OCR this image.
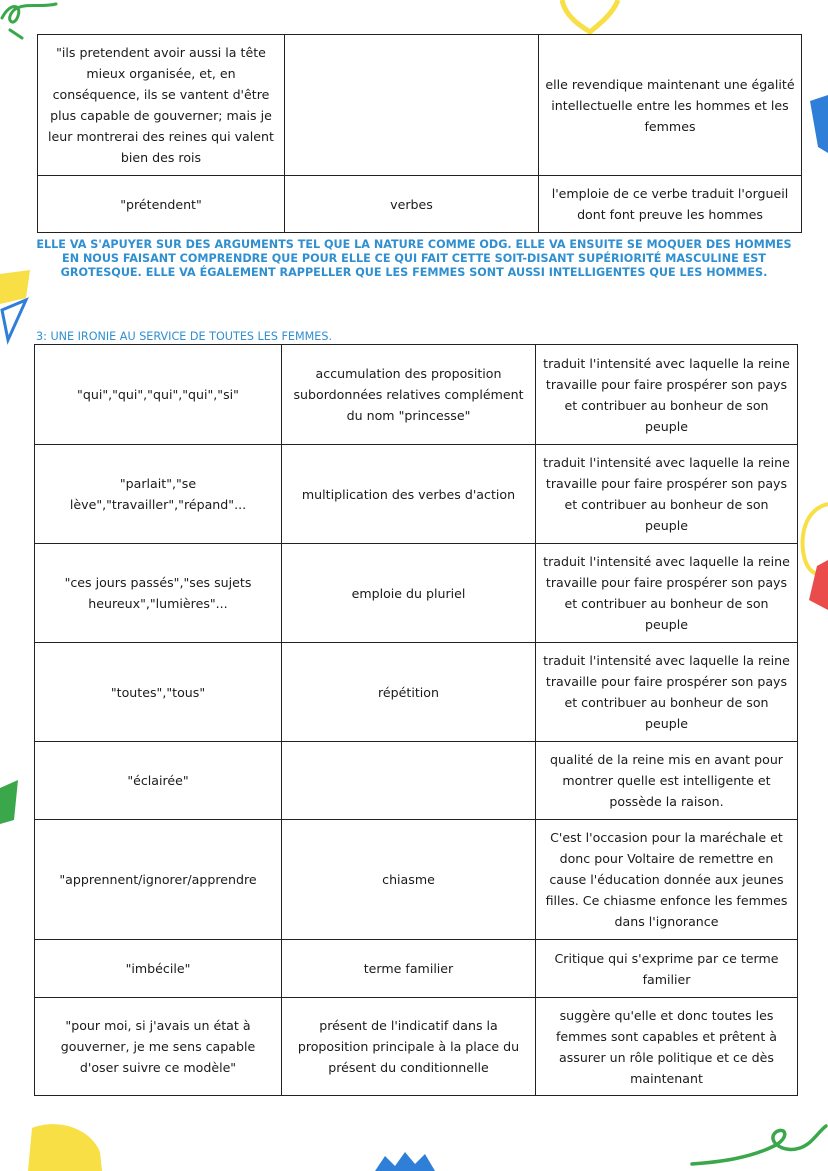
"ils pretendent avoir aussi la tête mieux organisée, et, en conséquence, ils se vantent d'être plus capable de gouverner; mais je leur montrerai des reines qui valent bien des rois		elle revendique maintenant une égalité intellectuelle entre les hommes et les femmes
"prétendent"	verbes	l'emploie de ce verbe traduit l'orgueil dont font preuve les hommes
ELLE VA S'APUYER SUR DES ARGUMENTS TEL QUE LA NATURE COMME ODG. ELLE VA ENSUITE SE MOQUER DES HOMMES EN NOUS FAISANT COMPRENDRE QUE POUR ELLE CE QUI FAIT CETTE SOIT-DISANT SUPÉRIORITÉ MASCULINE EST GROTESQUE. ELLE VA ÉGALEMENT RAPPELLER QUE LES FEMMES SONT AUSSI INTELLIGENTES QUE LES HOMMES.
3: UNE IRONIE AU SERVICE DE TOUTES LES FEMMES.
"qui","qui","qui","qui","si"	accumulation des proposition subordonnées relatives complément du nom "princesse"	traduit l'intensité avec laquelle la reine travaille pour faire prospérer son pays et contribuer au bonheur de son peuple
"parlait","se lève","travailler","répand"...	multiplication des verbes d'action	traduit l'intensité avec laquelle la reine travaille pour faire prospérer son pays et contribuer au bonheur de son peuple
"ces jours passés","ses sujets heureux","lumières"...	emploie du pluriel	traduit l'intensité avec laquelle la reine travaille pour faire prospérer son pays et contribuer au bonheur de son peuple
"toutes","tous"	répétition	traduit l'intensité avec laquelle la reine travaille pour faire prospérer son pays et contribuer au bonheur de son peuple
"éclairée"		qualité de la reine mis en avant pour montrer quelle est intelligente et possède la raison.
"apprennent/ignorer/apprendre	chiasme	C'est l'occasion pour la maréchale et donc pour Voltaire de remettre en cause l'éducation donnée aux jeunes filles. Ce chiasme enfonce les femmes dans l'ignorance
"imbécile"	terme familier	Critique qui s'exprime par ce terme familier
"pour moi, si j'avais un état à gouverner, je me sens capable d'oser suivre ce modèle"	présent de l'indicatif dans la proposition principale à la place du présent du conditionnelle	suggère qu'elle et donc toutes les femmes sont capables et prêtent à assurer un rôle politique et ce dès maintenant
